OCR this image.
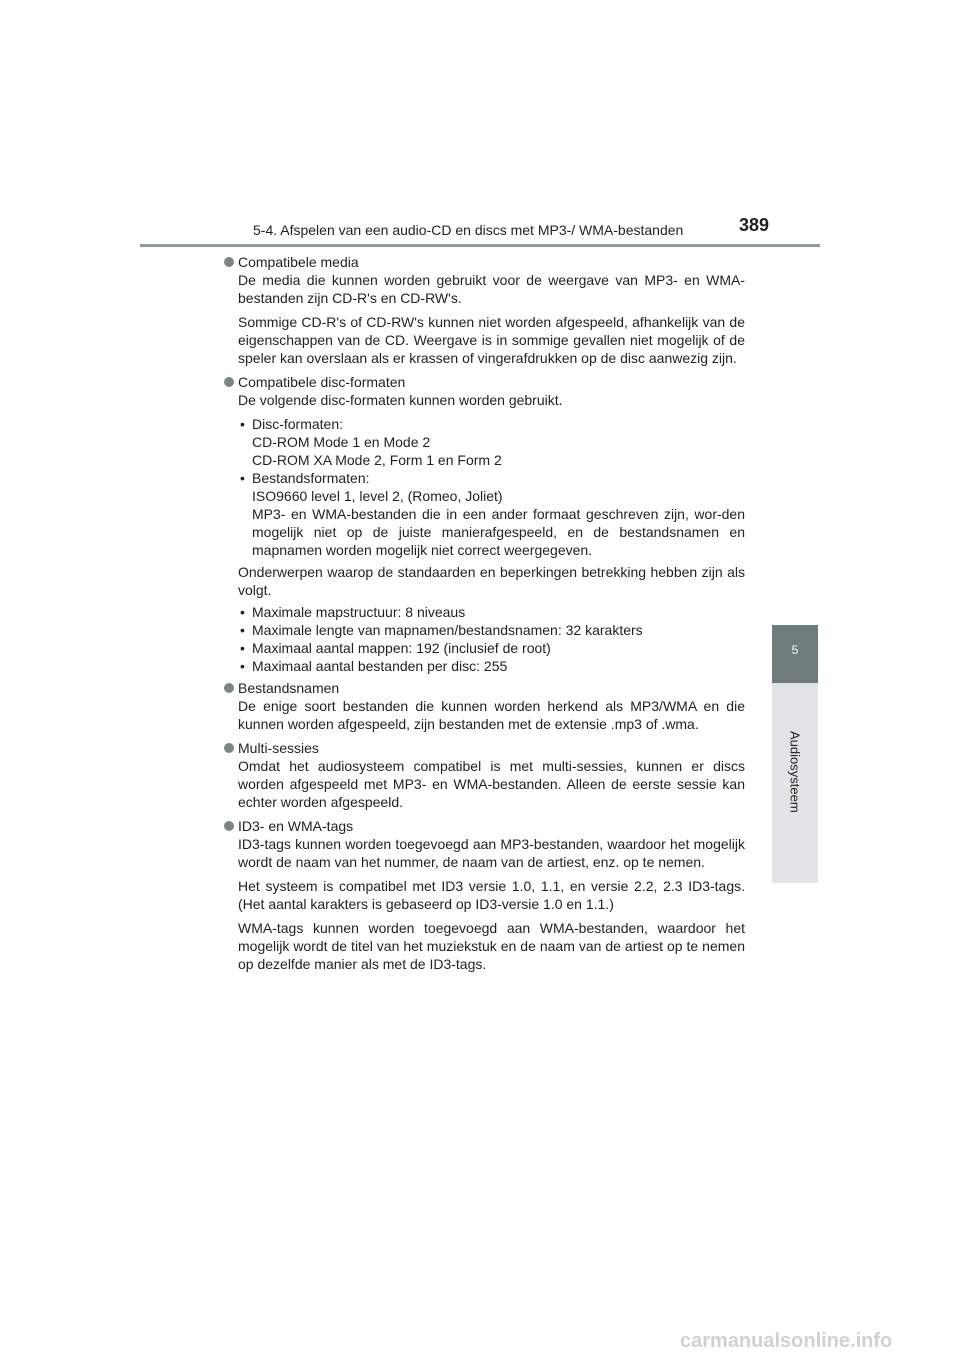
5-4. Afspelen van een audio-CD en discs met MP3-/ WMA-bestanden	389
5
Audiosysteem

Compatibele media

De media die kunnen worden gebruikt voor de weergave van MP3- en WMA-bestanden zijn CD-R's en CD-RW's.

Sommige CD-R's of CD-RW's kunnen niet worden afgespeeld, afhankelijk van de eigenschappen van de CD. Weergave is in sommige gevallen niet mogelijk of de speler kan overslaan als er krassen of vingerafdrukken op de disc aanwezig zijn.

Compatibele disc-formaten

De volgende disc-formaten kunnen worden gebruikt.

• Disc-formaten:
CD-ROM Mode 1 en Mode 2
CD-ROM XA Mode 2, Form 1 en Form 2
• Bestandsformaten:
ISO9660 level 1, level 2, (Romeo, Joliet)
MP3- en WMA-bestanden die in een ander formaat geschreven zijn, wor-den mogelijk niet op de juiste manierafgespeeld, en de bestandsnamen en mapnamen worden mogelijk niet correct weergegeven.

Onderwerpen waarop de standaarden en beperkingen betrekking hebben zijn als volgt.

• Maximale mapstructuur: 8 niveaus
• Maximale lengte van mapnamen/bestandsnamen: 32 karakters
• Maximaal aantal mappen: 192 (inclusief de root)
• Maximaal aantal bestanden per disc: 255

Bestandsnamen

De enige soort bestanden die kunnen worden herkend als MP3/WMA en die kunnen worden afgespeeld, zijn bestanden met de extensie .mp3 of .wma.

Multi-sessies

Omdat het audiosysteem compatibel is met multi-sessies, kunnen er discs worden afgespeeld met MP3- en WMA-bestanden. Alleen de eerste sessie kan echter worden afgespeeld.

ID3- en WMA-tags

ID3-tags kunnen worden toegevoegd aan MP3-bestanden, waardoor het mogelijk wordt de naam van het nummer, de naam van de artiest, enz. op te nemen.

Het systeem is compatibel met ID3 versie 1.0, 1.1, en versie 2.2, 2.3 ID3-tags. (Het aantal karakters is gebaseerd op ID3-versie 1.0 en 1.1.)

WMA-tags kunnen worden toegevoegd aan WMA-bestanden, waardoor het mogelijk wordt de titel van het muziekstuk en de naam van de artiest op te nemen op dezelfde manier als met de ID3-tags.

carmanualsonline.info
